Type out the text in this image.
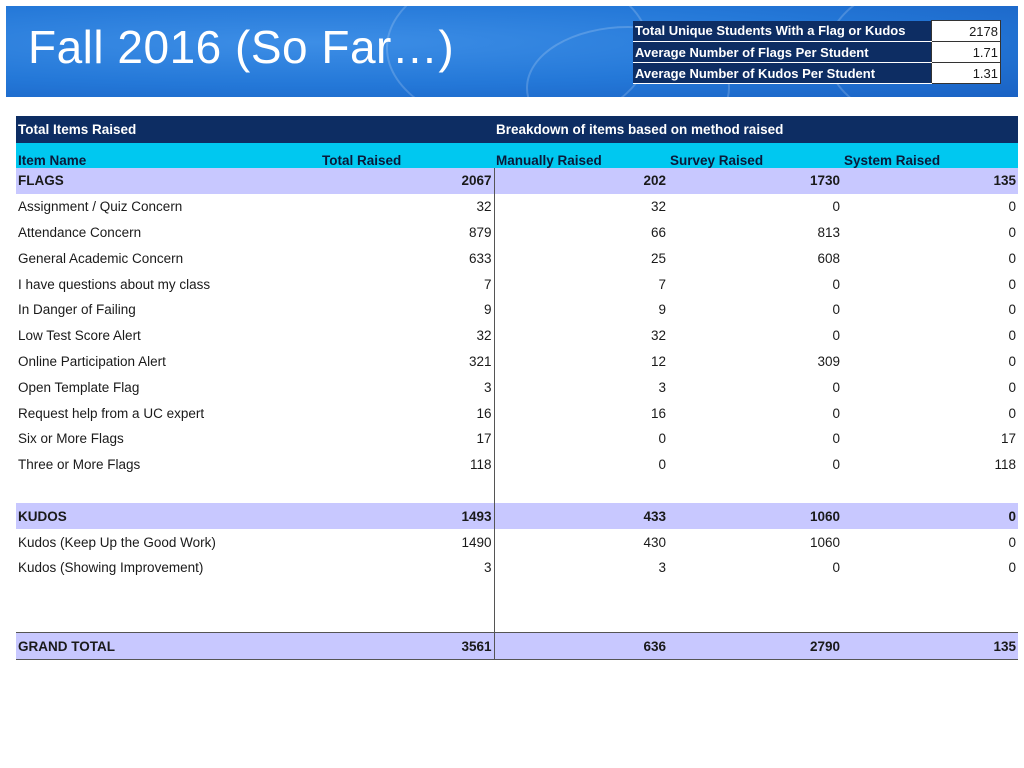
Fall 2016 (So Far…)	Total Unique Students With a Flag or Kudos	2178
Average Number of Flags Per Student	1.71
Average Number of Kudos Per Student	1.31
Total Items Raised		Breakdown of items based on method raised		
Item Name	Total Raised	Manually Raised	Survey Raised	System Raised
FLAGS	2067	202	1730	135
Assignment / Quiz Concern	32	32	0	0
Attendance Concern	879	66	813	0
General Academic Concern	633	25	608	0
I have questions about my class	7	7	0	0
In Danger of Failing	9	9	0	0
Low Test Score Alert	32	32	0	0
Online Participation Alert	321	12	309	0
Open Template Flag	3	3	0	0
Request help from a UC expert	16	16	0	0
Six or More Flags	17	0	0	17
Three or More Flags	118	0	0	118

KUDOS	1493	433	1060	0
Kudos (Keep Up the Good Work)	1490	430	1060	0
Kudos (Showing Improvement)	3	3	0	0

GRAND TOTAL	3561	636	2790	135
